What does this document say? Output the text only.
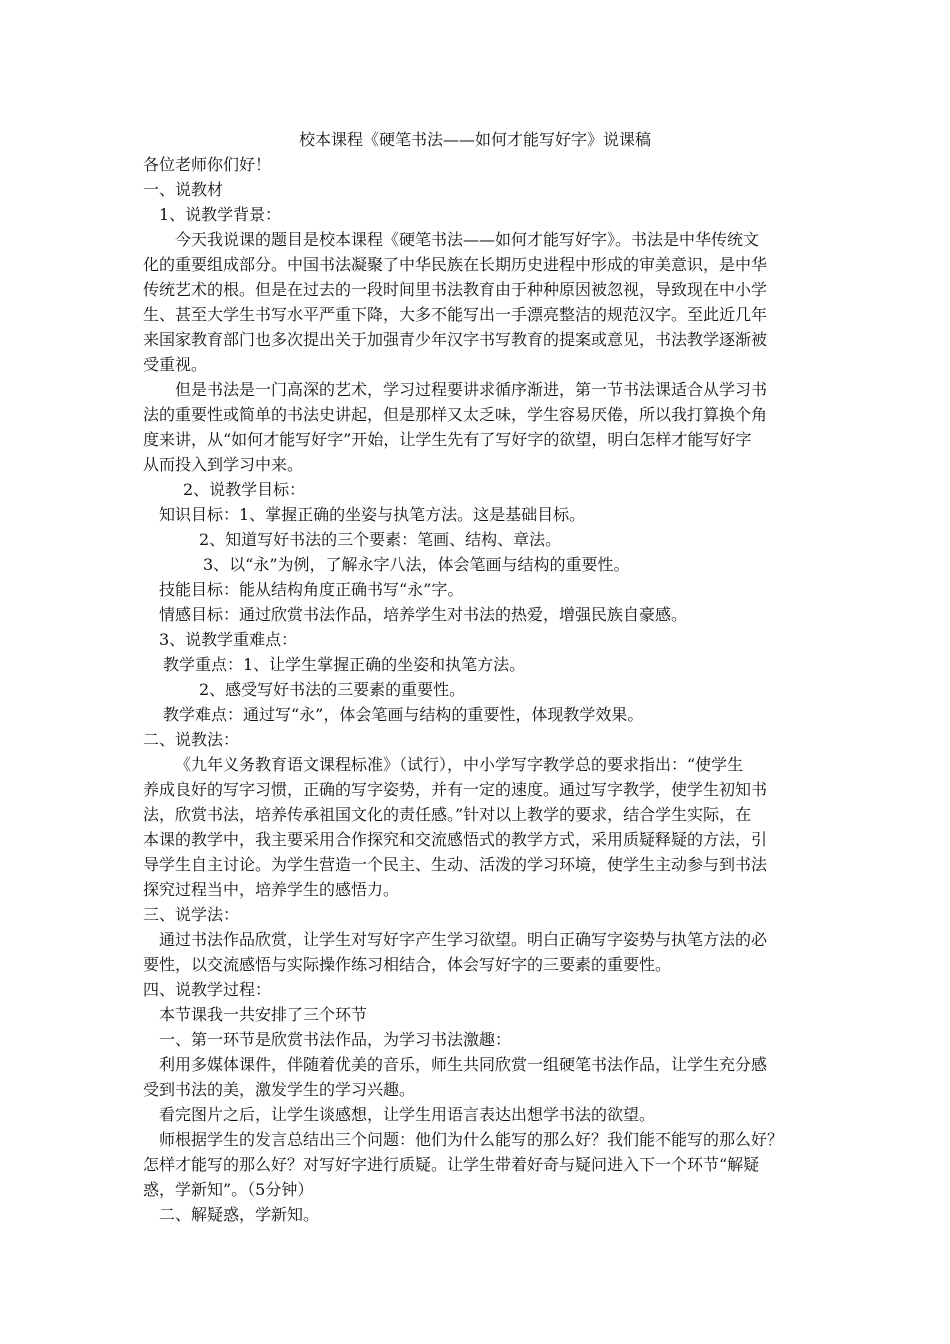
校本课程《硬笔书法——如何才能写好字》说课稿
各位老师你们好！
一、说教材
1、说教学背景：
今天我说课的题目是校本课程《硬笔书法——如何才能写好字》。书法是中华传统文
化的重要组成部分。中国书法凝聚了中华民族在长期历史进程中形成的审美意识，是中华
传统艺术的根。但是在过去的一段时间里书法教育由于种种原因被忽视，导致现在中小学
生、甚至大学生书写水平严重下降，大多不能写出一手漂亮整洁的规范汉字。至此近几年
来国家教育部门也多次提出关于加强青少年汉字书写教育的提案或意见，书法教学逐渐被
受重视。
但是书法是一门高深的艺术，学习过程要讲求循序渐进，第一节书法课适合从学习书
法的重要性或简单的书法史讲起，但是那样又太乏味，学生容易厌倦，所以我打算换个角
度来讲，从“如何才能写好字”开始，让学生先有了写好字的欲望，明白怎样才能写好字
从而投入到学习中来。
2、说教学目标：
知识目标：1、掌握正确的坐姿与执笔方法。这是基础目标。
2、知道写好书法的三个要素：笔画、结构、章法。
3、以“永”为例，了解永字八法，体会笔画与结构的重要性。
技能目标：能从结构角度正确书写“永”字。
情感目标：通过欣赏书法作品，培养学生对书法的热爱，增强民族自豪感。
3、说教学重难点：
教学重点：1、让学生掌握正确的坐姿和执笔方法。
2、感受写好书法的三要素的重要性。
教学难点：通过写“永”，体会笔画与结构的重要性，体现教学效果。
二、说教法：
《九年义务教育语文课程标准》（试行），中小学写字教学总的要求指出：“使学生
养成良好的写字习惯，正确的写字姿势，并有一定的速度。通过写字教学，使学生初知书
法，欣赏书法，培养传承祖国文化的责任感。”针对以上教学的要求，结合学生实际，在
本课的教学中，我主要采用合作探究和交流感悟式的教学方式，采用质疑释疑的方法，引
导学生自主讨论。为学生营造一个民主、生动、活泼的学习环境，使学生主动参与到书法
探究过程当中，培养学生的感悟力。
三、说学法：
通过书法作品欣赏，让学生对写好字产生学习欲望。明白正确写字姿势与执笔方法的必
要性，以交流感悟与实际操作练习相结合，体会写好字的三要素的重要性。
四、说教学过程：
本节课我一共安排了三个环节
一、第一环节是欣赏书法作品，为学习书法激趣：
利用多媒体课件，伴随着优美的音乐，师生共同欣赏一组硬笔书法作品，让学生充分感
受到书法的美，激发学生的学习兴趣。
看完图片之后，让学生谈感想，让学生用语言表达出想学书法的欲望。
师根据学生的发言总结出三个问题：他们为什么能写的那么好？我们能不能写的那么好？
怎样才能写的那么好？对写好字进行质疑。让学生带着好奇与疑问进入下一个环节“解疑
惑，学新知”。（5分钟）
二、解疑惑，学新知。
